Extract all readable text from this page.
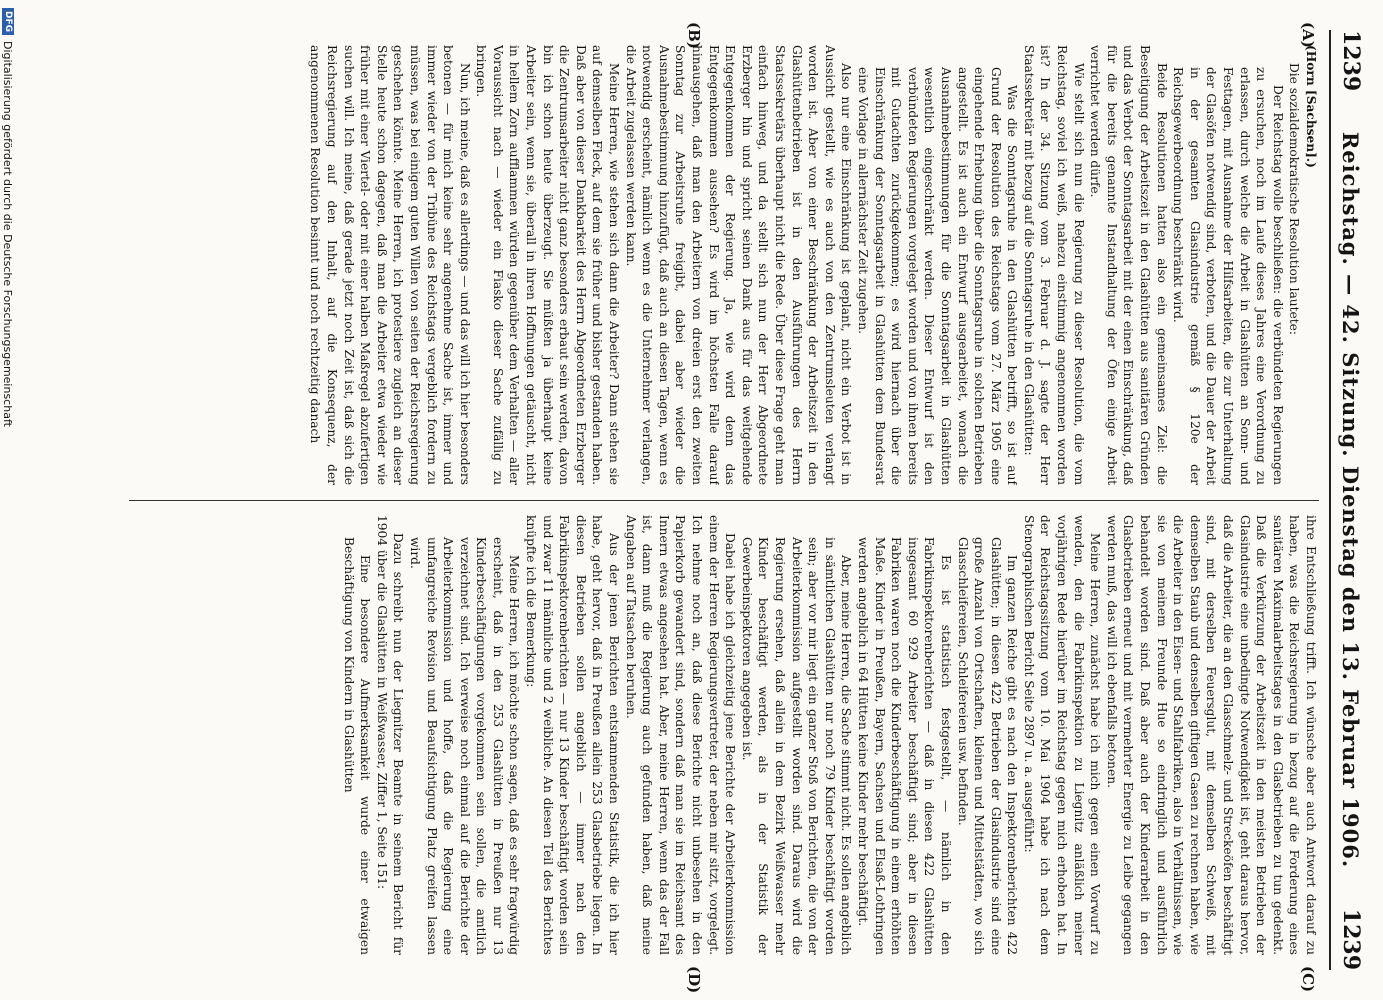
1239
Reichstag. — 42. Sitzung. Dienstag den 13. Februar 1906.
1239
(A)
(B)
(C)
(D)

(Horn [Sachsen].)

Die sozialdemokratische Resolution lautete:

Der Reichstag wolle beschließen: die verbündeten Regierungen zu ersuchen, noch im Laufe dieses Jahres eine Verordnung zu erlassen, durch welche die Arbeit in Glashütten an Sonn- und Festtagen, mit Ausnahme der Hilfsarbeiten, die zur Unterhaltung der Glasöfen notwendig sind, verboten, und die Dauer der Arbeit in der gesamten Glasindustrie gemäß § 120e der Reichsgewerbeordnung beschränkt wird.

Beide Resolutionen hatten also ein gemeinsames Ziel: die Beseitigung der Arbeitszeit in den Glashütten aus sanitären Gründen und das Verbot der Sonntagsarbeit mit der einen Einschränkung, daß für die bereits genannte Instandhaltung der Öfen einige Arbeit verrichtet werden dürfe.

Wie stellt sich nun die Regierung zu dieser Resolution, die vom Reichstag, soviel ich weiß, nahezu einstimmig angenommen worden ist? In der 34. Sitzung vom 3. Februar d. J. sagte der Herr Staatssekretär mit bezug auf die Sonntagsruhe in den Glashütten:

Was die Sonntagsruhe in den Glashütten betrifft, so ist auf Grund der Resolution des Reichstags vom 27. März 1905 eine eingehende Erhebung über die Sonntagsruhe in solchen Betrieben angestellt. Es ist auch ein Entwurf ausgearbeitet, wonach die Ausnahmebestimmungen für die Sonntagsarbeit in Glashütten wesentlich eingeschränkt werden. Dieser Entwurf ist den verbündeten Regierungen vorgelegt worden und von ihnen bereits mit Gutachten zurückgekommen; es wird hiernach über die Einschränkung der Sonntagsarbeit in Glashütten dem Bundesrat eine Vorlage in allernächster Zeit zugehen.

Also nur eine Einschränkung ist geplant, nicht ein Verbot ist in Aussicht gestellt, wie es auch von den Zentrumsleuten verlangt worden ist. Aber von einer Beschränkung der Arbeitszeit in den Glashüttenbetrieben ist in den Ausführungen des Herrn Staatssekretärs überhaupt nicht die Rede. Über diese Frage geht man einfach hinweg, und da stellt sich nun der Herr Abgeordnete Erzberger hin und spricht seinen Dank aus für das weitgehende Entgegenkommen der Regierung. Ja, wie wird denn das Entgegenkommen aussehen? Es wird im höchsten Falle darauf hinausgehen, daß man den Arbeitern von dreien erst den zweiten Sonntag zur Arbeitsruhe freigibt, dabei aber wieder die Ausnahmebestimmung hinzufügt, daß auch an diesen Tagen, wenn es notwendig erscheint, nämlich wenn es die Unternehmer verlangen, die Arbeit zugelassen werden kann.

Meine Herren, wie stehen sich dann die Arbeiter? Dann stehen sie auf demselben Fleck, auf dem sie früher und bisher gestanden haben. Daß aber von dieser Dankbarkeit des Herrn Abgeordneten Erzberger die Zentrumsarbeiter nicht ganz besonders erbaut sein werden, davon bin ich schon heute überzeugt. Sie müßten ja überhaupt keine Arbeiter sein, wenn sie, überall in ihren Hoffnungen getäuscht, nicht in hellem Zorn aufflammen würden gegenüber dem Verhalten — aller Voraussicht nach — wieder ein Fiasko dieser Sache zufällig zu bringen.

Nun, ich meine, daß es allerdings — und das will ich hier besonders betonen — für mich keine sehr angenehme Sache ist, immer und immer wieder von der Tribüne des Reichstags vergeblich fordern zu müssen, was bei einigem guten Willen von seiten der Reichsregierung geschehen könnte. Meine Herren, ich protestiere zugleich an dieser Stelle heute schon dagegen, daß man die Arbeiter etwa wieder wie früher mit einer Viertel- oder mit einer halben Maßregel abzufertigen suchen will. Ich meine, daß gerade jetzt noch Zeit ist, daß sich die Reichsregierung auf den Inhalt, auf die Konsequenz, der angenommenen Resolution besinnt und noch rechtzeitig danach

ihre Entschließung trifft. Ich wünsche aber auch Antwort darauf zu haben, was die Reichsregierung in bezug auf die Forderung eines sanitären Maximalarbeitstages in den Glasbetrieben zu tun gedenkt. Daß die Verkürzung der Arbeitszeit in den meisten Betrieben der Glasindustrie eine unbedingte Notwendigkeit ist, geht daraus hervor, daß die Arbeiter, die an den Glasschmelz- und Streckeöfen beschäftigt sind, mit derselben Feuersglut, mit demselben Schweiß, mit demselben Staub und denselben giftigen Gasen zu rechnen haben, wie die Arbeiter in den Eisen- und Stahlfabriken, also in Verhältnissen, wie sie von meinem Freunde Hue so eindringlich und ausführlich behandelt worden sind. Daß aber auch der Kinderarbeit in den Glasbetrieben erneut und mit vermehrter Energie zu Leibe gegangen werden muß, das will ich ebenfalls betonen.

Meine Herren, zunächst habe ich mich gegen einen Vorwurf zu wenden, den die Fabrikinspektion zu Liegnitz anläßlich meiner vorjährigen Rede hierüber im Reichstag gegen mich erhoben hat. In der Reichstagssitzung vom 10. Mai 1904 habe ich nach dem Stenographischen Bericht Seite 2897 u. a. ausgeführt:

Im ganzen Reiche gibt es nach den Inspektorenberichten 422 Glashütten; in diesen 422 Betrieben der Glasindustrie sind eine große Anzahl von Ortschaften, kleinen und Mittelstädten, wo sich Glasschleifereien, Schleifereien usw. befinden.

Es ist statistisch festgestellt, — nämlich in den Fabrikinspektorenberichten — daß in diesen 422 Glashütten insgesamt 60 929 Arbeiter beschäftigt sind; aber in diesen Fabriken waren noch die Kinderbeschäftigung in einem erhöhten Maße. Kinder in Preußen, Bayern, Sachsen und Elsaß-Lothringen werden angeblich in 64 Hütten keine Kinder mehr beschäftigt.

Aber, meine Herren, die Sache stimmt nicht. Es sollen angeblich in sämtlichen Glashütten nur noch 79 Kinder beschäftigt worden sein; aber vor mir liegt ein ganzer Stoß von Berichten, die von der Arbeiterkommission aufgestellt worden sind. Daraus wird die Regierung ersehen, daß allein in dem Bezirk Weißwasser mehr Kinder beschäftigt werden, als in der Statistik der Gewerbeinspektoren angegeben ist.

Dabei habe ich gleichzeitig jene Berichte der Arbeiterkommission einem der Herren Regierungsvertreter, der neben mir sitzt, vorgelegt. Ich nehme noch an, daß diese Berichte nicht unbesehen in den Papierkorb gewandert sind, sondern daß man sie im Reichsamt des Innern etwas angesehen hat. Aber, meine Herren, wenn das der Fall ist, dann muß die Regierung auch gefunden haben, daß meine Angaben auf Tatsachen beruhen.

Aus der jenen Berichten entstammenden Statistik, die ich hier habe, geht hervor, daß in Preußen allein 253 Glasbetriebe liegen. In diesen Betrieben sollen angeblich — immer nach den Fabrikinspektorenberichten — nur 13 Kinder beschäftigt worden sein und zwar 11 männliche und 2 weibliche. An diesen Teil des Berichtes knüpfte ich die Bemerkung:

Meine Herren, ich möchte schon sagen, daß es sehr fragwürdig erscheint, daß in den 253 Glashütten in Preußen nur 13 Kinderbeschäftigungen vorgekommen sein sollen, die amtlich verzeichnet sind. Ich verweise noch einmal auf die Berichte der Arbeiterkommission und hoffe, daß die Regierung eine umfangreiche Revision und Beaufsichtigung Platz greifen lassen wird.

Dazu schreibt nun der Liegnitzer Beamte in seinem Bericht für 1904 über die Glashütten in Weißwasser, Ziffer 1, Seite 151:

Eine besondere Aufmerksamkeit wurde einer etwaigen Beschäftigung von Kindern in Glashütten

DFG
Digitalisierung gefördert durch die Deutsche Forschungsgemeinschaft
